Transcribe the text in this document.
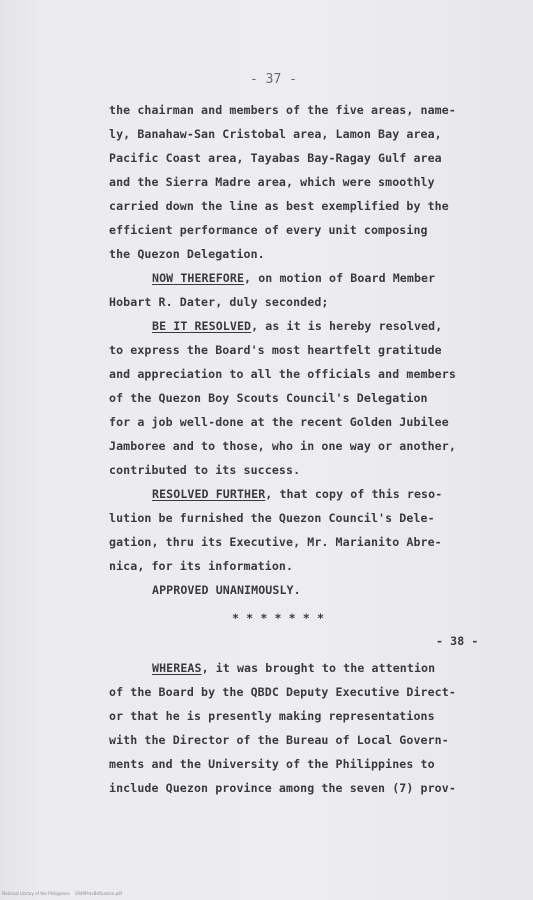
- 37 -
the chairman and members of the five areas, name-
ly, Banahaw-San Cristobal area, Lamon Bay area,
Pacific Coast area, Tayabas Bay-Ragay Gulf area
and the Sierra Madre area, which were smoothly
carried down the line as best exemplified by the
efficient performance of every unit composing
the Quezon Delegation.
NOW THEREFORE, on motion of Board Member
Hobart R. Dater, duly seconded;
BE IT RESOLVED, as it is hereby resolved,
to express the Board's most heartfelt gratitude
and appreciation to all the officials and members
of the Quezon Boy Scouts Council's Delegation
for a job well-done at the recent Golden Jubilee
Jamboree and to those, who in one way or another,
contributed to its success.
RESOLVED FURTHER, that copy of this reso-
lution be furnished the Quezon Council's Dele-
gation, thru its Executive, Mr. Marianito Abre-
nica, for its information.
APPROVED UNANIMOUSLY.
* * * * * * *
- 38 -
WHEREAS, it was brought to the attention
of the Board by the QBDC Deputy Executive Direct-
or that he is presently making representations
with the Director of the Bureau of Local Govern-
ments and the University of the Philippines to
include Quezon province among the seven (7) prov-
National Library of the Philippines    1949ProvBdQuezon.pdf
